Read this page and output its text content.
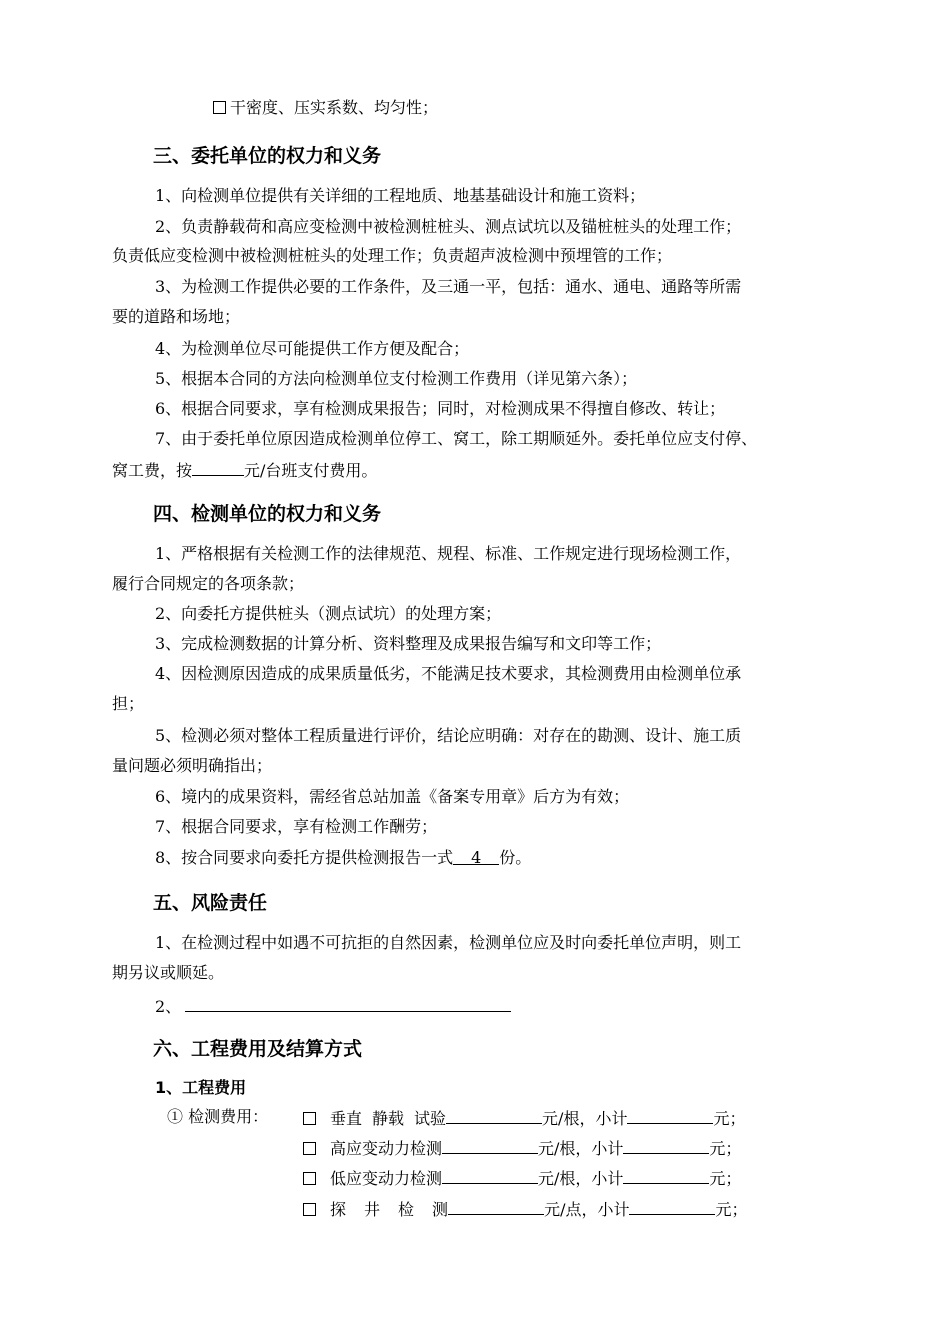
干密度、压实系数、均匀性；
三、委托单位的权力和义务
1、向检测单位提供有关详细的工程地质、地基基础设计和施工资料；
2、负责静载荷和高应变检测中被检测桩桩头、测点试坑以及锚桩桩头的处理工作；
负责低应变检测中被检测桩桩头的处理工作；负责超声波检测中预埋管的工作；
3、为检测工作提供必要的工作条件，及三通一平，包括：通水、通电、通路等所需
要的道路和场地；
4、为检测单位尽可能提供工作方便及配合；
5、根据本合同的方法向检测单位支付检测工作费用（详见第六条）；
6、根据合同要求，享有检测成果报告；同时，对检测成果不得擅自修改、转让；
7、由于委托单位原因造成检测单位停工、窝工，除工期顺延外。委托单位应支付停、
窝工费，按	元/台班支付费用。
四、检测单位的权力和义务
1、严格根据有关检测工作的法律规范、规程、标准、工作规定进行现场检测工作，
履行合同规定的各项条款；
2、向委托方提供桩头（测点试坑）的处理方案；
3、完成检测数据的计算分析、资料整理及成果报告编写和文印等工作；
4、因检测原因造成的成果质量低劣，不能满足技术要求，其检测费用由检测单位承
担；
5、检测必须对整体工程质量进行评价，结论应明确：对存在的勘测、设计、施工质
量问题必须明确指出；
6、境内的成果资料，需经省总站加盖《备案专用章》后方为有效；
7、根据合同要求，享有检测工作酬劳；
8、按合同要求向委托方提供检测报告一式 4 份。
五、风险责任
1、在检测过程中如遇不可抗拒的自然因素，检测单位应及时向委托单位声明，则工
期另议或顺延。
2、
六、工程费用及结算方式
1、工程费用
① 检测费用：	垂直 静载 试验	元/根，小计	元；
高应变动力检测	元/根，小计	元；
低应变动力检测	元/根，小计	元；
探 井 检 测	元/点，小计	元；
